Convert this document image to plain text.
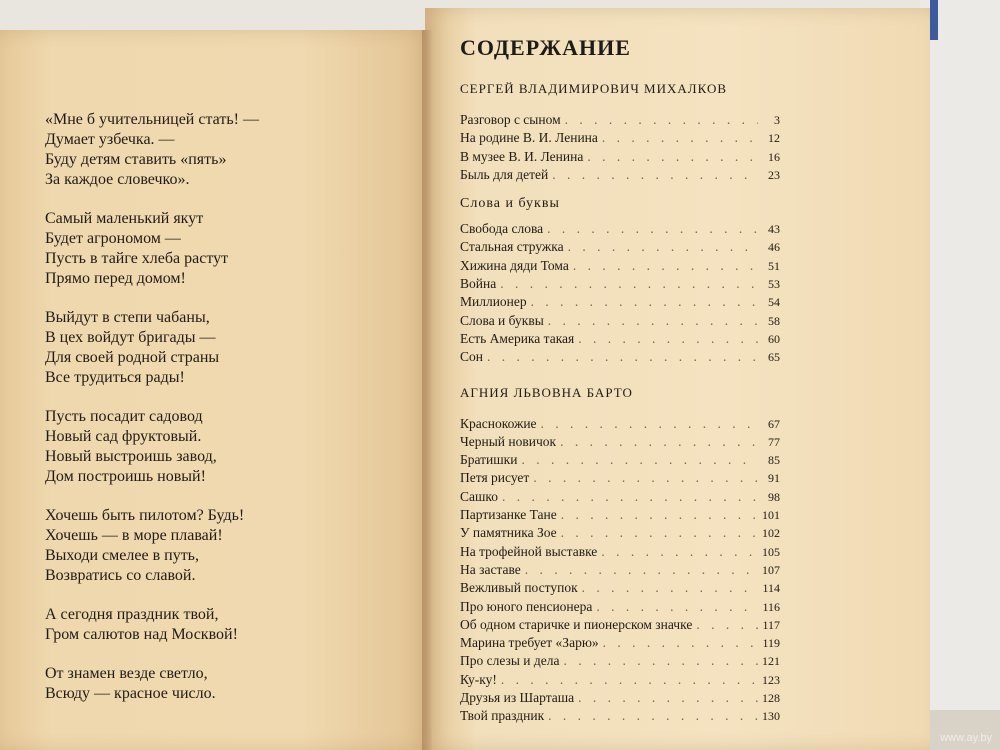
«Мне б учительницей стать! —
Думает узбечка. —
Буду детям ставить «пять»
За каждое словечко».
Самый маленький якут
Будет агрономом —
Пусть в тайге хлеба растут
Прямо перед домом!
Выйдут в степи чабаны,
В цех войдут бригады —
Для своей родной страны
Все трудиться рады!
Пусть посадит садовод
Новый сад фруктовый.
Новый выстроишь завод,
Дом построишь новый!
Хочешь быть пилотом? Будь!
Хочешь — в море плавай!
Выходи смелее в путь,
Возвратись со славой.
А сегодня праздник твой,
Гром салютов над Москвой!
От знамен везде светло,
Всюду — красное число.
СОДЕРЖАНИЕ
СЕРГЕЙ ВЛАДИМИРОВИЧ МИХАЛКОВ
Разговор с сыном . . .	3
На родине В. И. Ленина . . .	12
В музее В. И. Ленина . . .	16
Быль для детей . . .	23
Слова и буквы
Свобода слова . . .	43
Стальная стружка . . .	46
Хижина дяди Тома . . .	51
Война . . .	53
Миллионер . . .	54
Слова и буквы . . .	58
Есть Америка такая . . .	60
Сон . . .	65
АГНИЯ ЛЬВОВНА БАРТО
Краснокожие . . .	67
Черный новичок . . .	77
Братишки . . .	85
Петя рисует . . .	91
Сашко . . .	98
Партизанке Тане . . .	101
У памятника Зое . . .	102
На трофейной выставке . . .	105
На заставе . . .	107
Вежливый поступок . . .	114
Про юного пенсионера . . .	116
Об одном старичке и пионерском значке . . .	117
Марина требует «Зарю» . . .	119
Про слезы и дела . . .	121
Ку-ку! . . .	123
Друзья из Шарташа . . .	128
Твой праздник . . .	130
www.ay.by
